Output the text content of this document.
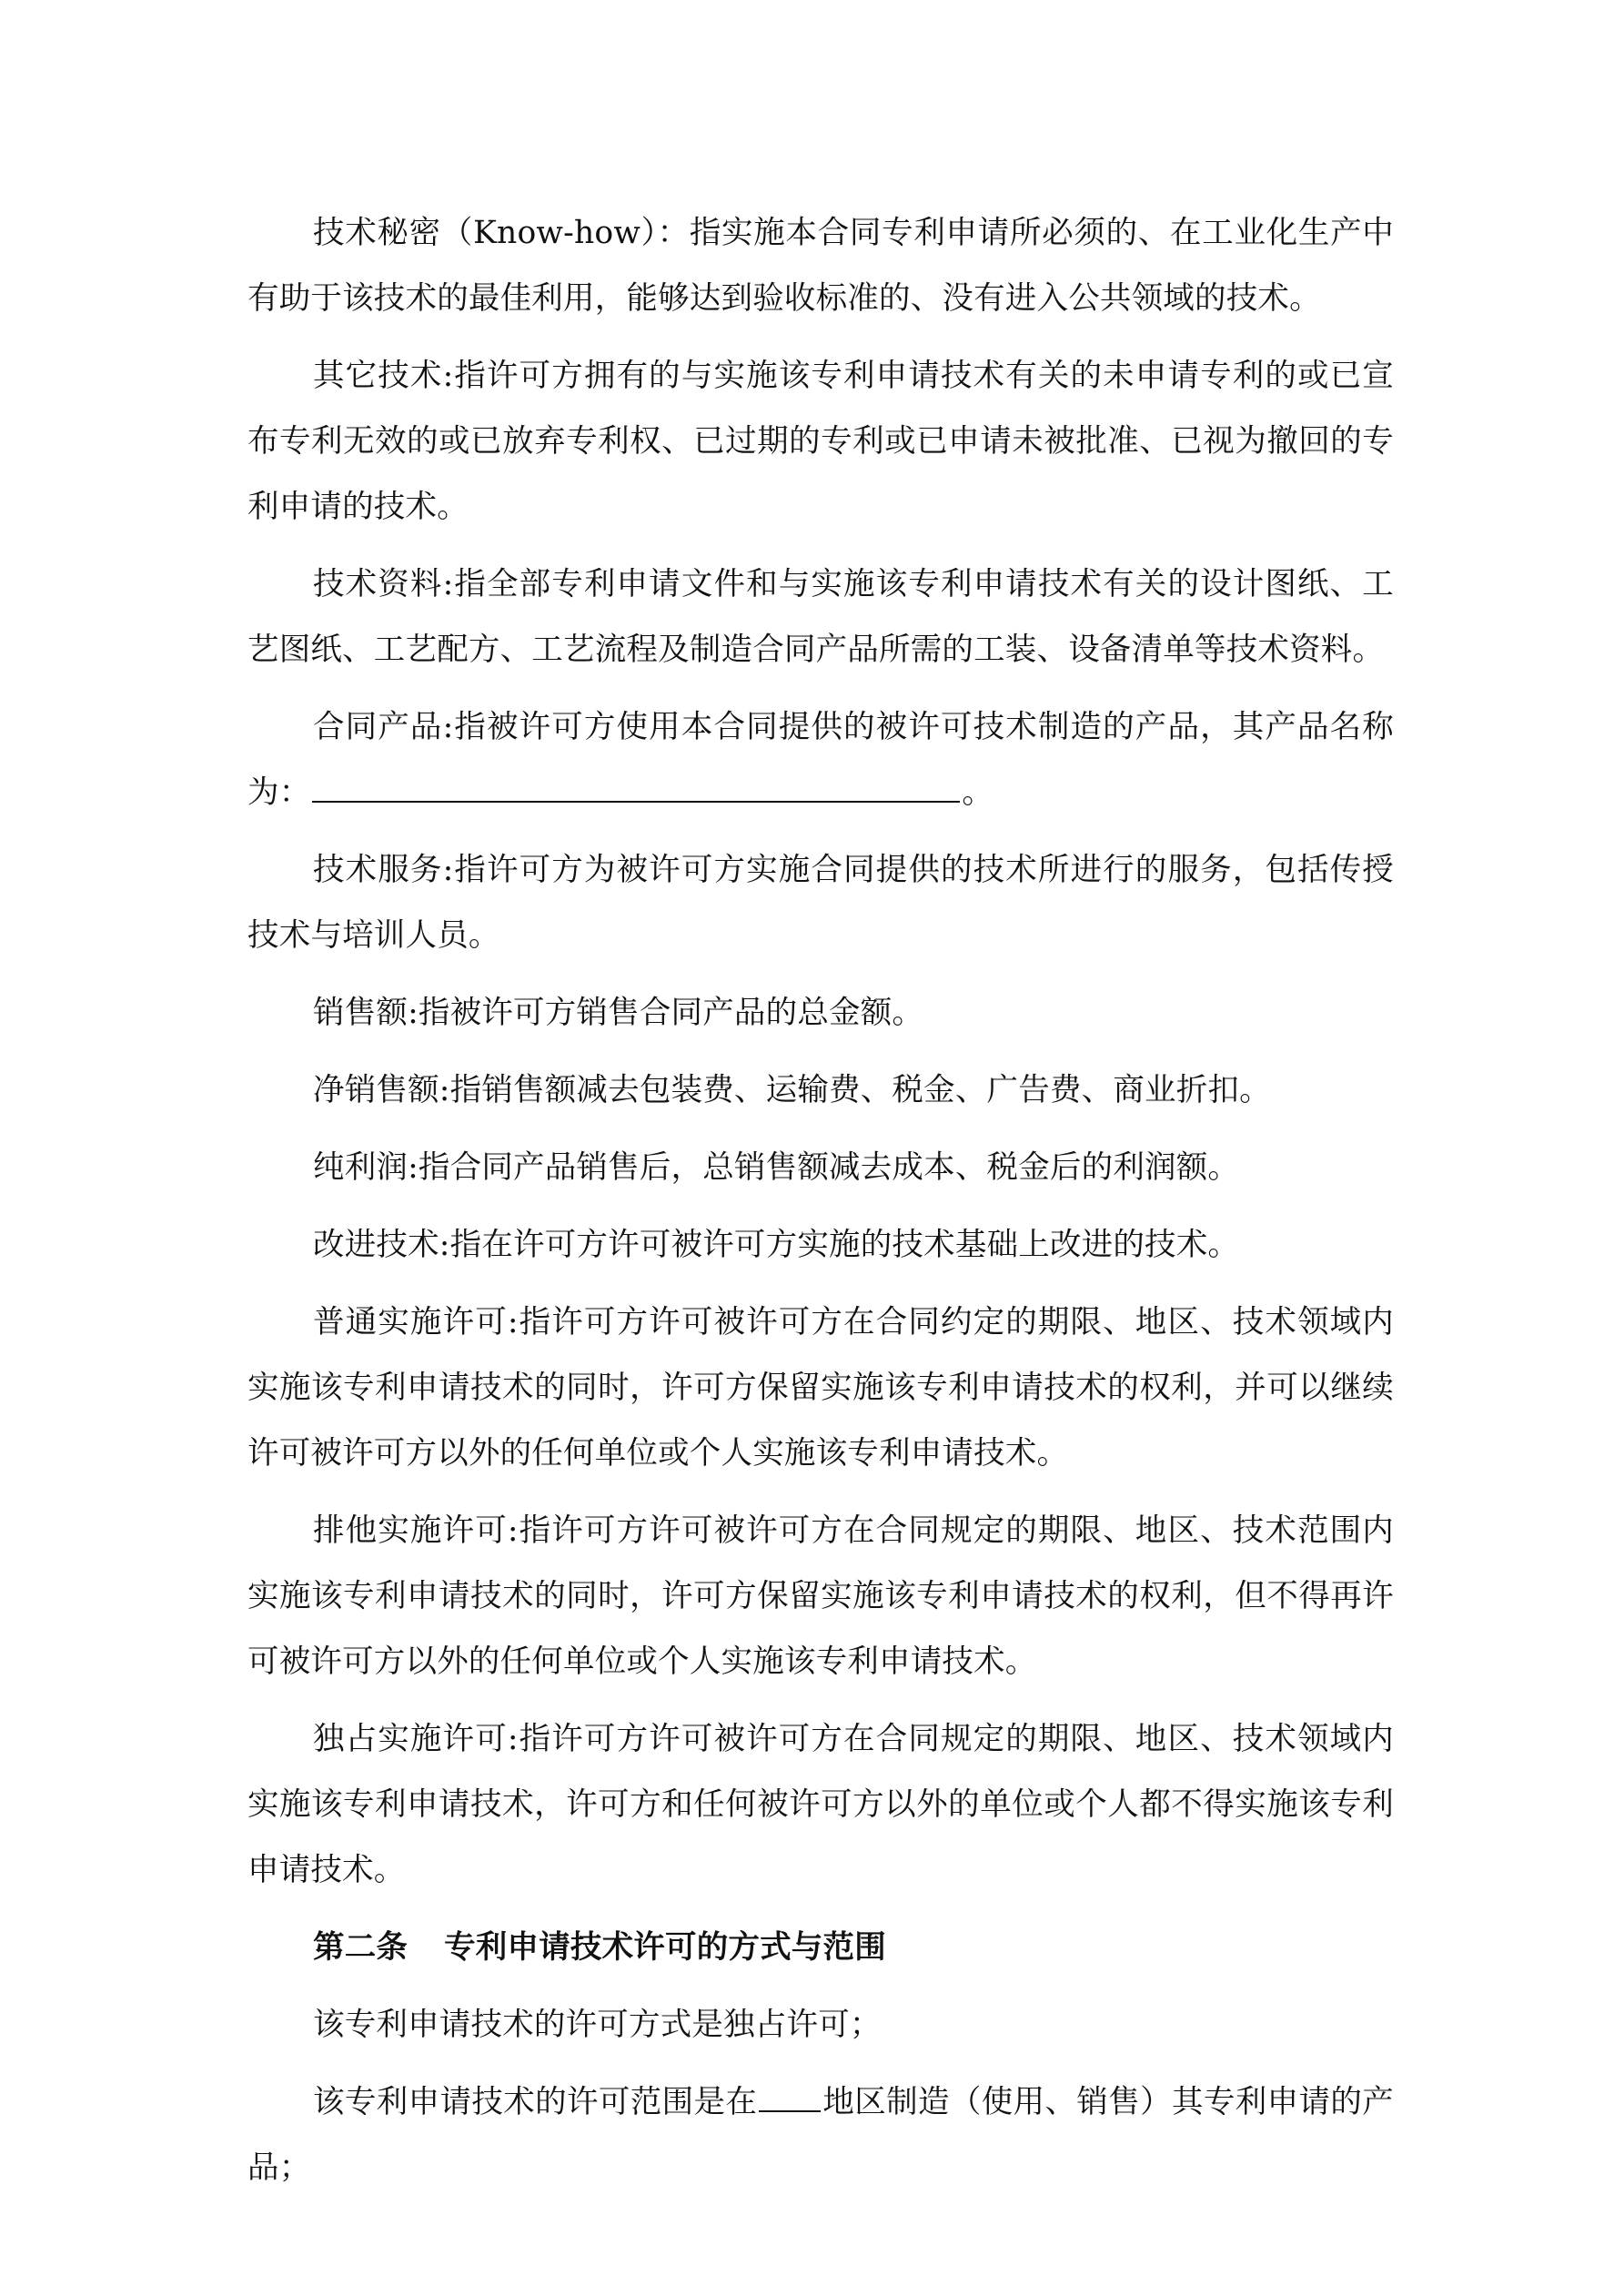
技术秘密（Know-how）：指实施本合同专利申请所必须的、在工业化生产中有助于该技术的最佳利用，能够达到验收标准的、没有进入公共领域的技术。

其它技术:指许可方拥有的与实施该专利申请技术有关的未申请专利的或已宣布专利无效的或已放弃专利权、已过期的专利或已申请未被批准、已视为撤回的专利申请的技术。

技术资料:指全部专利申请文件和与实施该专利申请技术有关的设计图纸、工艺图纸、工艺配方、工艺流程及制造合同产品所需的工装、设备清单等技术资料。

合同产品:指被许可方使用本合同提供的被许可技术制造的产品，其产品名称为：	。

技术服务:指许可方为被许可方实施合同提供的技术所进行的服务，包括传授技术与培训人员。

销售额:指被许可方销售合同产品的总金额。

净销售额:指销售额减去包装费、运输费、税金、广告费、商业折扣。

纯利润:指合同产品销售后，总销售额减去成本、税金后的利润额。

改进技术:指在许可方许可被许可方实施的技术基础上改进的技术。

普通实施许可:指许可方许可被许可方在合同约定的期限、地区、技术领域内实施该专利申请技术的同时，许可方保留实施该专利申请技术的权利，并可以继续许可被许可方以外的任何单位或个人实施该专利申请技术。

排他实施许可:指许可方许可被许可方在合同规定的期限、地区、技术范围内实施该专利申请技术的同时，许可方保留实施该专利申请技术的权利，但不得再许可被许可方以外的任何单位或个人实施该专利申请技术。

独占实施许可:指许可方许可被许可方在合同规定的期限、地区、技术领域内实施该专利申请技术，许可方和任何被许可方以外的单位或个人都不得实施该专利申请技术。

第二条 专利申请技术许可的方式与范围

该专利申请技术的许可方式是独占许可；

该专利申请技术的许可范围是在 地区制造（使用、销售）其专利申请的产品；
